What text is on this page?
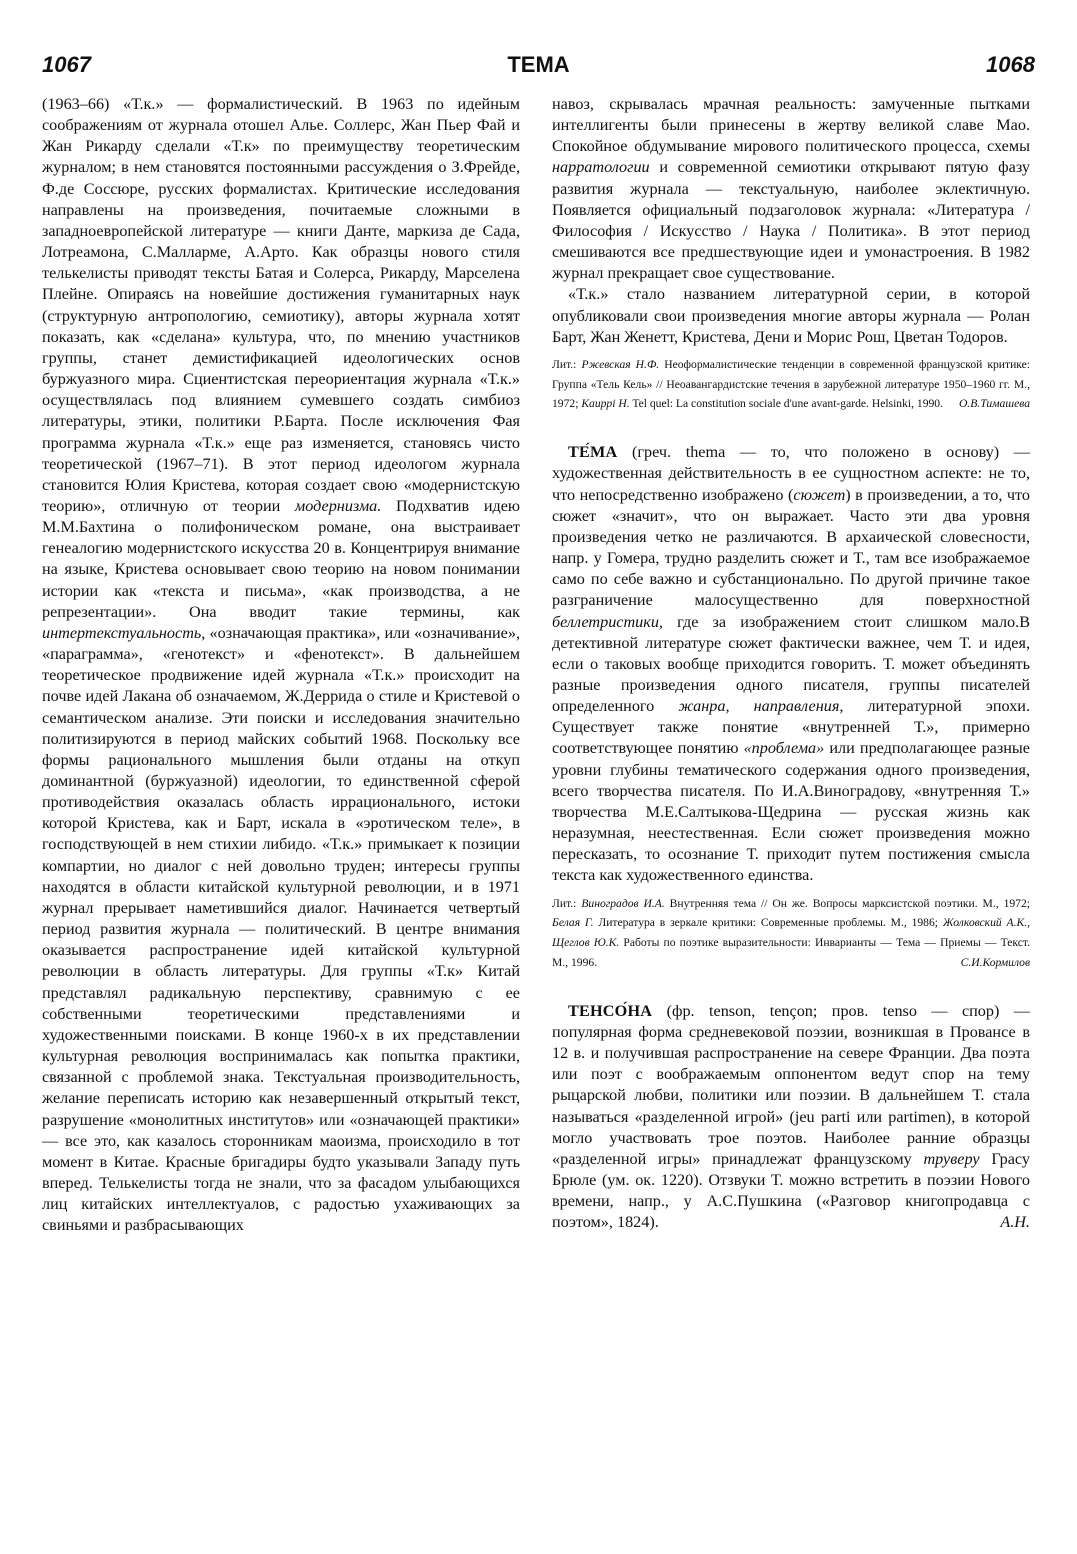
1067	ТЕМА	1068

(1963–66) «Т.к.» — формалистический. В 1963 по идейным соображениям от журнала отошел Алье. Соллерс, Жан Пьер Фай и Жан Рикарду сделали «Т.к» по преимуществу теоретическим журналом; в нем становятся постоянными рассуждения о З.Фрейде, Ф.де Соссюре, русских формалистах. Критические исследования направлены на произведения, почитаемые сложными в западноевропейской литературе — книги Данте, маркиза де Сада, Лотреамона, С.Малларме, А.Арто. Как образцы нового стиля телькелисты приводят тексты Батая и Солерса, Рикарду, Марселена Плейне. Опираясь на новейшие достижения гуманитарных наук (структурную антропологию, семиотику), авторы журнала хотят показать, как «сделана» культура, что, по мнению участников группы, станет демистификацией идеологических основ буржуазного мира. Сциентистская переориентация журнала «Т.к.» осуществлялась под влиянием сумевшего создать симбиоз литературы, этики, политики Р.Барта. После исключения Фая программа журнала «Т.к.» еще раз изменяется, становясь чисто теоретической (1967–71). В этот период идеологом журнала становится Юлия Кристева, которая создает свою «модернистскую теорию», отличную от теории модернизма. Подхватив идею М.М.Бахтина о полифоническом романе, она выстраивает генеалогию модернистского искусства 20 в. Концентрируя внимание на языке, Кристева основывает свою теорию на новом понимании истории как «текста и письма», «как производства, а не репрезентации». Она вводит такие термины, как интертекстуальность, «означающая практика», или «означивание», «параграмма», «генотекст» и «фенотекст». В дальнейшем теоретическое продвижение идей журнала «Т.к.» происходит на почве идей Лакана об означаемом, Ж.Деррида о стиле и Кристевой о семантическом анализе. Эти поиски и исследования значительно политизируются в период майских событий 1968. Поскольку все формы рационального мышления были отданы на откуп доминантной (буржуазной) идеологии, то единственной сферой противодействия оказалась область иррационального, истоки которой Кристева, как и Барт, искала в «эротическом теле», в господствующей в нем стихии либидо. «Т.к.» примыкает к позиции компартии, но диалог с ней довольно труден; интересы группы находятся в области китайской культурной революции, и в 1971 журнал прерывает наметившийся диалог. Начинается четвертый период развития журнала — политический. В центре внимания оказывается распространение идей китайской культурной революции в область литературы. Для группы «Т.к» Китай представлял радикальную перспективу, сравнимую с ее собственными теоретическими представлениями и художественными поисками. В конце 1960-х в их представлении культурная революция воспринималась как попытка практики, связанной с проблемой знака. Текстуальная производительность, желание переписать историю как незавершенный открытый текст, разрушение «монолитных институтов» или «означающей практики» — все это, как казалось сторонникам маоизма, происходило в тот момент в Китае. Красные бригадиры будто указывали Западу путь вперед. Телькелисты тогда не знали, что за фасадом улыбающихся лиц китайских интеллектуалов, с радостью ухаживающих за свиньями и разбрасывающих

навоз, скрывалась мрачная реальность: замученные пытками интеллигенты были принесены в жертву великой славе Мао. Спокойное обдумывание мирового политического процесса, схемы нарратологии и современной семиотики открывают пятую фазу развития журнала — текстуальную, наиболее эклектичную. Появляется официальный подзаголовок журнала: «Литература / Философия / Искусство / Наука / Политика». В этот период смешиваются все предшествующие идеи и умонастроения. В 1982 журнал прекращает свое существование.

«Т.к.» стало названием литературной серии, в которой опубликовали свои произведения многие авторы журнала — Ролан Барт, Жан Женетт, Кристева, Дени и Морис Рош, Цветан Тодоров.

Лит.: Ржевская Н.Ф. Неоформалистические тенденции в современной французской критике: Группа «Тель Кель» // Неоавангардистские течения в зарубежной литературе 1950–1960 гг. М., 1972; Kauppi H. Tel quel: La constitution sociale d'une avant-garde. Helsinki, 1990.	О.В.Тимашева

ТЕ́МА (греч. thema — то, что положено в основу) — художественная действительность в ее сущностном аспекте: не то, что непосредственно изображено (сюжет) в произведении, а то, что сюжет «значит», что он выражает. Часто эти два уровня произведения четко не различаются. В архаической словесности, напр. у Гомера, трудно разделить сюжет и Т., там все изображаемое само по себе важно и субстанционально. По другой причине такое разграничение малосущественно для поверхностной беллетристики, где за изображением стоит слишком мало.В детективной литературе сюжет фактически важнее, чем Т. и идея, если о таковых вообще приходится говорить. Т. может объединять разные произведения одного писателя, группы писателей определенного жанра, направления, литературной эпохи. Существует также понятие «внутренней Т.», примерно соответствующее понятию «проблема» или предполагающее разные уровни глубины тематического содержания одного произведения, всего творчества писателя. По И.А.Виноградову, «внутренняя Т.» творчества М.Е.Салтыкова-Щедрина — русская жизнь как неразумная, неестественная. Если сюжет произведения можно пересказать, то осознание Т. приходит путем постижения смысла текста как художественного единства.

Лит.: Виноградов И.А. Внутренняя тема // Он же. Вопросы марксистской поэтики. М., 1972; Белая Г. Литература в зеркале критики: Современные проблемы. М., 1986; Жолковский А.К., Щеглов Ю.К. Работы по поэтике выразительности: Инварианты — Тема — Приемы — Текст. М., 1996.	С.И.Кормилов

ТЕНСО́НА (фр. tenson, tençon; пров. tenso — спор) — популярная форма средневековой поэзии, возникшая в Провансе в 12 в. и получившая распространение на севере Франции. Два поэта или поэт с воображаемым оппонентом ведут спор на тему рыцарской любви, политики или поэзии. В дальнейшем Т. стала называться «разделенной игрой» (jeu parti или partimen), в которой могло участвовать трое поэтов. Наиболее ранние образцы «разделенной игры» принадлежат французскому труверу Грасу Брюле (ум. ок. 1220). Отзвуки Т. можно встретить в поэзии Нового времени, напр., у А.С.Пушкина («Разговор книгопродавца с поэтом», 1824).	А.Н.
